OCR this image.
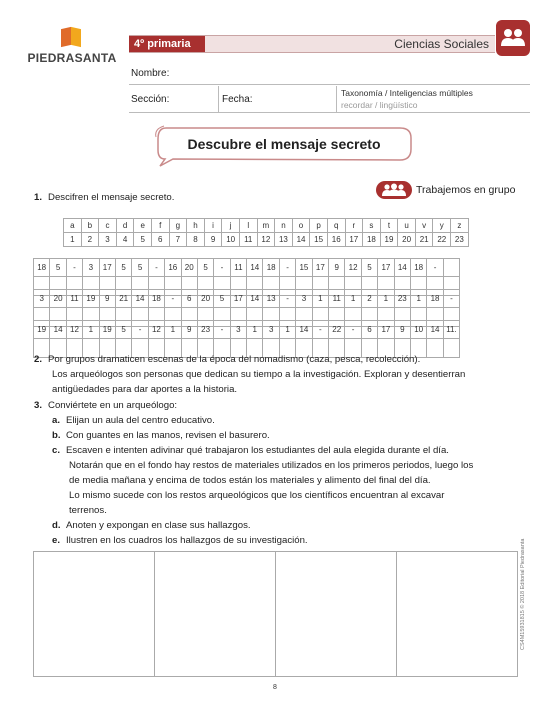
PIEDRASANTA
4º primaria	Ciencias Sociales
Nombre:
Sección:	Fecha:
Taxonomía / Inteligencias múltiples
recordar / lingüístico
Descubre el mensaje secreto
Trabajemos en grupo
1. Descifren el mensaje secreto.
a	b	c	d	e	f	g	h	i	j	l	m	n	o	p	q	r	s	t	u	v	y	z
1	2	3	4	5	6	7	8	9	10	11	12	13	14	15	16	17	18	19	20	21	22	23
18	5	-	3	17	5	5	-	16	20	5	-	11	14	18	-	15	17	9	12	5	17	14	18	-	

3	20	11	19	9	21	14	18	-	6	20	5	17	14	13	-	3	1	11	1	2	1	23	1	18	-

19	14	12	1	19	5	-	12	1	9	23	-	3	1	3	1	14	-	22	-	6	17	9	10	14	11.

2. Por grupos dramaticen escenas de la época del nomadismo (caza, pesca, recolección).
Los arqueólogos son personas que dedican su tiempo a la investigación. Exploran y desentierran
antigüedades para dar aportes a la historia.
3. Conviértete en un arqueólogo:
a. Elijan un aula del centro educativo.
b. Con guantes en las manos, revisen el basurero.
c. Escaven e intenten adivinar qué trabajaron los estudiantes del aula elegida durante el día.
Notarán que en el fondo hay restos de materiales utilizados en los primeros periodos, luego los
de media mañana y encima de todos están los materiales y alimento del final del día.
Lo mismo sucede con los restos arqueológicos que los científicos encuentran al excavar
terrenos.
d. Anoten y expongan en clase sus hallazgos.
e. Ilustren en los cuadros los hallazgos de su investigación.	CS4M15931815 © 2018 Editorial Piedrasanta
8
